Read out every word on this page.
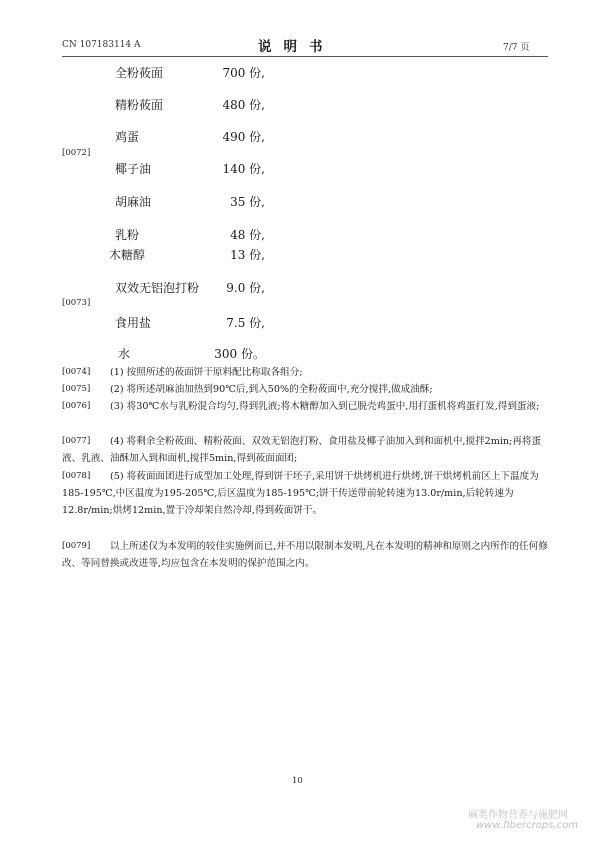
CN 107183114 A	说明书	7/7 页
全粉莜面	700 份,
精粉莜面	480 份,
鸡蛋	490 份,
[0072]
椰子油	140 份,
胡麻油	35 份,
乳粉	48 份,
木糖醇	13 份,
双效无铝泡打粉	9.0 份,
[0073]
食用盐	7.5 份,
水	300 份。
[0074] (1) 按照所述的莜面饼干原料配比称取各组分;
[0075] (2) 将所述胡麻油加热到90℃后,到入50%的全粉莜面中,充分搅拌,做成油酥;
[0076]	(3) 将30℃水与乳粉混合均匀,得到乳液;将木糖醇加入到已脱壳鸡蛋中,用打蛋机将鸡蛋打发,得到蛋液;
[0077]	(4) 将剩余全粉莜面、精粉莜面、双效无铝泡打粉、食用盐及椰子油加入到和面机中,搅拌2min;再将蛋液、乳液、油酥加入到和面机,搅拌5min,得到莜面面团;
[0078]	(5) 将莜面面团进行成型加工处理,得到饼干坯子,采用饼干烘烤机进行烘烤,饼干烘烤机前区上下温度为185-195℃,中区温度为195-205℃,后区温度为185-195℃;饼干传送带前轮转速为13.0r/min,后轮转速为12.8r/min;烘烤12min,置于冷却架自然冷却,得到莜面饼干。
[0079]	以上所述仅为本发明的较佳实施例而已,并不用以限制本发明,凡在本发明的精神和原则之内所作的任何修改、等同替换或改进等,均应包含在本发明的保护范围之内。
10
麻类作物营养与施肥网
www.fibercrops.com
